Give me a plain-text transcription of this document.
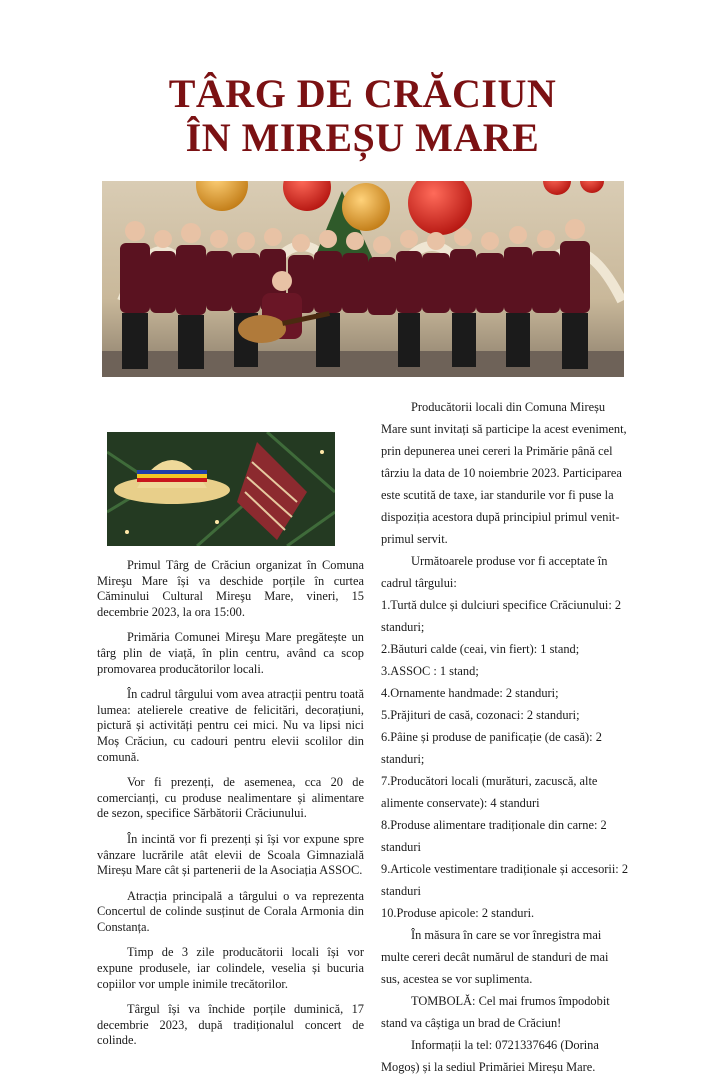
TÂRG DE CRĂCIUN
ÎN MIREȘU MARE

Primul Târg de Crăciun organizat în Comuna Mireşu Mare își va deschide porțile în curtea Căminului Cultural Mireşu Mare, vineri, 15 decembrie 2023, la ora 15:00.

Primăria Comunei Mireşu Mare pregătește un târg plin de viață, în plin centru, având ca scop promovarea producătorilor locali.

În cadrul târgului vom avea atracții pentru toată lumea: atelierele creative de felicitări, decorațiuni, pictură și activități pentru cei mici. Nu va lipsi nici Moș Crăciun, cu cadouri pentru elevii scolilor din comună.

Vor fi prezenți, de asemenea, cca 20 de comercianți, cu produse nealimentare și alimentare de sezon, specifice Sărbătorii Crăciunului.

În incintă vor fi prezenți și își vor expune spre vânzare lucrările atât elevii de Scoala Gimnazială Mireșu Mare cât și partenerii de la Asociația ASSOC.

Atracția principală a târgului o va reprezenta Concertul de colinde susținut de Corala Armonia din Constanța.

Timp de 3 zile producătorii locali își vor expune produsele, iar colindele, veselia și bucuria copiilor vor umple inimile trecătorilor.

Târgul își va închide porțile duminică, 17 decembrie 2023, după tradiționalul concert de colinde.

Producătorii locali din Comuna Mireșu Mare sunt invitați să participe la acest eveniment, prin depunerea unei cereri la Primărie până cel târziu la data de 10 noiembrie 2023. Participarea este scutită de taxe, iar standurile vor fi puse la dispoziția acestora după principiul primul venit-primul servit.

Următoarele produse vor fi acceptate în cadrul târgului:

1.Turtă dulce și dulciuri specifice Crăciunului: 2 standuri;
2.Băuturi calde (ceai, vin fiert): 1 stand;
3.ASSOC : 1 stand;
4.Ornamente handmade: 2 standuri;
5.Prăjituri de casă, cozonaci: 2 standuri;
6.Pâine și produse de panificație (de casă): 2 standuri;
7.Producători locali (murături, zacuscă, alte alimente conservate): 4 standuri
8.Produse alimentare tradiționale din carne: 2 standuri
9.Articole vestimentare tradiționale și accesorii: 2 standuri
10.Produse apicole: 2 standuri.

În măsura în care se vor înregistra mai multe cereri decât numărul de standuri de mai sus, acestea se vor suplimenta.

TOMBOLĂ: Cel mai frumos împodobit stand va câștiga un brad de Crăciun!

Informații la tel: 0721337646 (Dorina Mogoș) și la sediul Primăriei Mireșu Mare.
